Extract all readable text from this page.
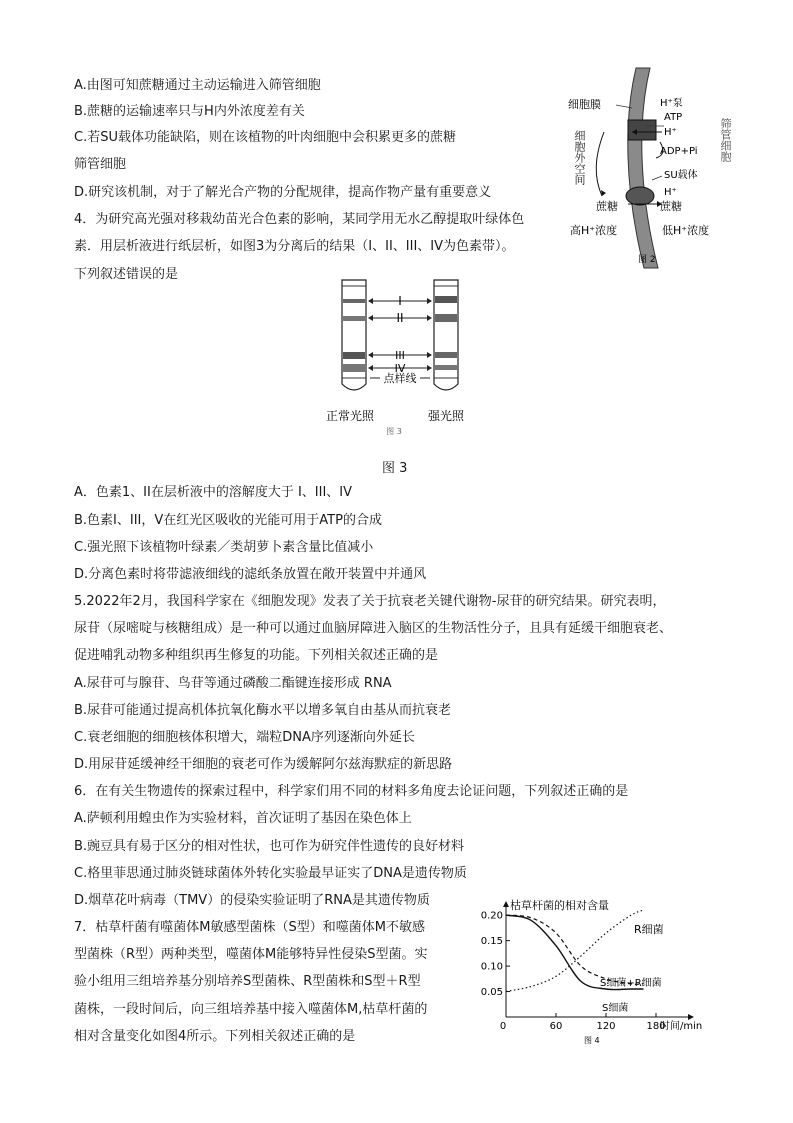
A.由图可知蔗糖通过主动运输进入筛管细胞
B.蔗糖的运输速率只与H内外浓度差有关
C.若SU载体功能缺陷，则在该植物的叶肉细胞中会积累更多的蔗糖
筛管细胞
D.研究该机制，对于了解光合产物的分配规律，提高作物产量有重要意义
4．为研究高光强对移栽幼苗光合色素的影响，某同学用无水乙醇提取叶绿体色
素．用层析液进行纸层析，如图3为分离后的结果（I、II、III、IV为色素带）。
下列叙述错误的是
A．色素1、II在层析液中的溶解度大于 I、III、IV
B.色素I、III，V在红光区吸收的光能可用于ATP的合成
C.强光照下该植物叶绿素／类胡萝卜素含量比值减小
D.分离色素时将带滤液细线的滤纸条放置在敞开装置中并通风
5.2022年2月，我国科学家在《细胞发现》发表了关于抗衰老关键代谢物-尿苷的研究结果。研究表明，
尿苷（尿嘧啶与核糖组成）是一种可以通过血脑屏障进入脑区的生物活性分子，且具有延缓干细胞衰老、
促进哺乳动物多种组织再生修复的功能。下列相关叙述正确的是
A.尿苷可与腺苷、鸟苷等通过磷酸二酯键连接形成 RNA
B.尿苷可能通过提高机体抗氧化酶水平以增多氧自由基从而抗衰老
C.衰老细胞的细胞核体积增大，端粒DNA序列逐渐向外延长
D.用尿苷延缓神经干细胞的衰老可作为缓解阿尔兹海默症的新思路
6．在有关生物遗传的探索过程中，科学家们用不同的材料多角度去论证问题，下列叙述正确的是
A.萨顿利用蝗虫作为实验材料，首次证明了基因在染色体上
B.豌豆具有易于区分的相对性状，也可作为研究伴性遗传的良好材料
C.格里菲思通过肺炎链球菌体外转化实验最早证实了DNA是遗传物质
D.烟草花叶病毒（TMV）的侵染实验证明了RNA是其遗传物质
7．枯草杆菌有噬菌体M敏感型菌株（S型）和噬菌体M不敏感
型菌株（R型）两种类型，噬菌体M能够特异性侵染S型菌。实
验小组用三组培养基分别培养S型菌株、R型菌株和S型＋R型
菌株，一段时间后，向三组培养基中接入噬菌体M,枯草杆菌的
相对含量变化如图4所示。下列相关叙述正确的是
细胞膜	H⁺泵
ATP
H⁺
ADP+Pi
SU载体
H⁺
蔗糖	蔗糖
高H⁺浓度	低H⁺浓度
图 2
细胞外空间	筛管细胞
I
II
III
IV
点样线
正常光照	强光照
图 3
图 3
0.20
0.15
0.10
0.05
60	120	180
枯草杆菌的相对含量
R细菌
S细菌+R细菌
S细菌
0	时间/min
图 4
